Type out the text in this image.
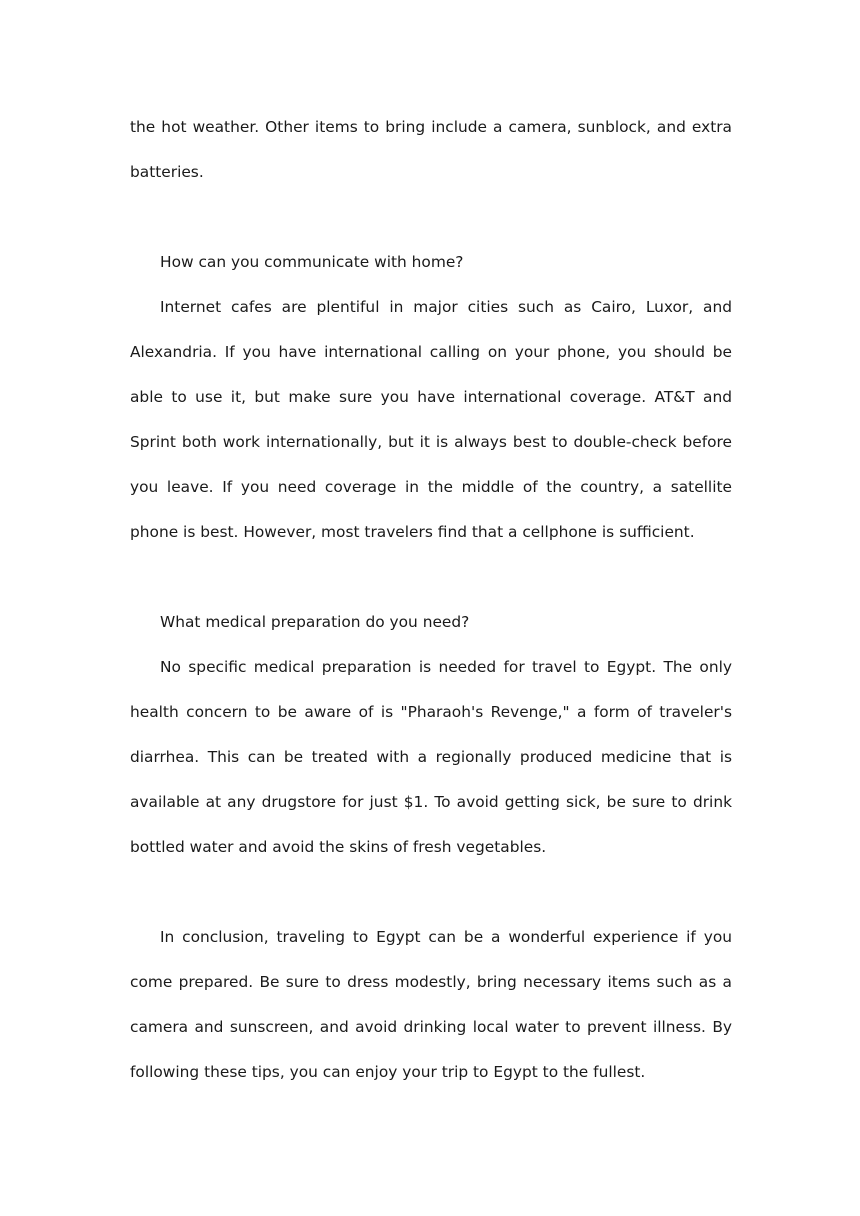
the hot weather. Other items to bring include a camera, sunblock, and extra batteries.

How can you communicate with home?

Internet cafes are plentiful in major cities such as Cairo, Luxor, and Alexandria. If you have international calling on your phone, you should be able to use it, but make sure you have international coverage. AT&T and Sprint both work internationally, but it is always best to double-check before you leave. If you need coverage in the middle of the country, a satellite phone is best. However, most travelers find that a cellphone is sufficient.

What medical preparation do you need?

No specific medical preparation is needed for travel to Egypt. The only health concern to be aware of is "Pharaoh's Revenge," a form of traveler's diarrhea. This can be treated with a regionally produced medicine that is available at any drugstore for just $1. To avoid getting sick, be sure to drink bottled water and avoid the skins of fresh vegetables.

In conclusion, traveling to Egypt can be a wonderful experience if you come prepared. Be sure to dress modestly, bring necessary items such as a camera and sunscreen, and avoid drinking local water to prevent illness. By following these tips, you can enjoy your trip to Egypt to the fullest.
